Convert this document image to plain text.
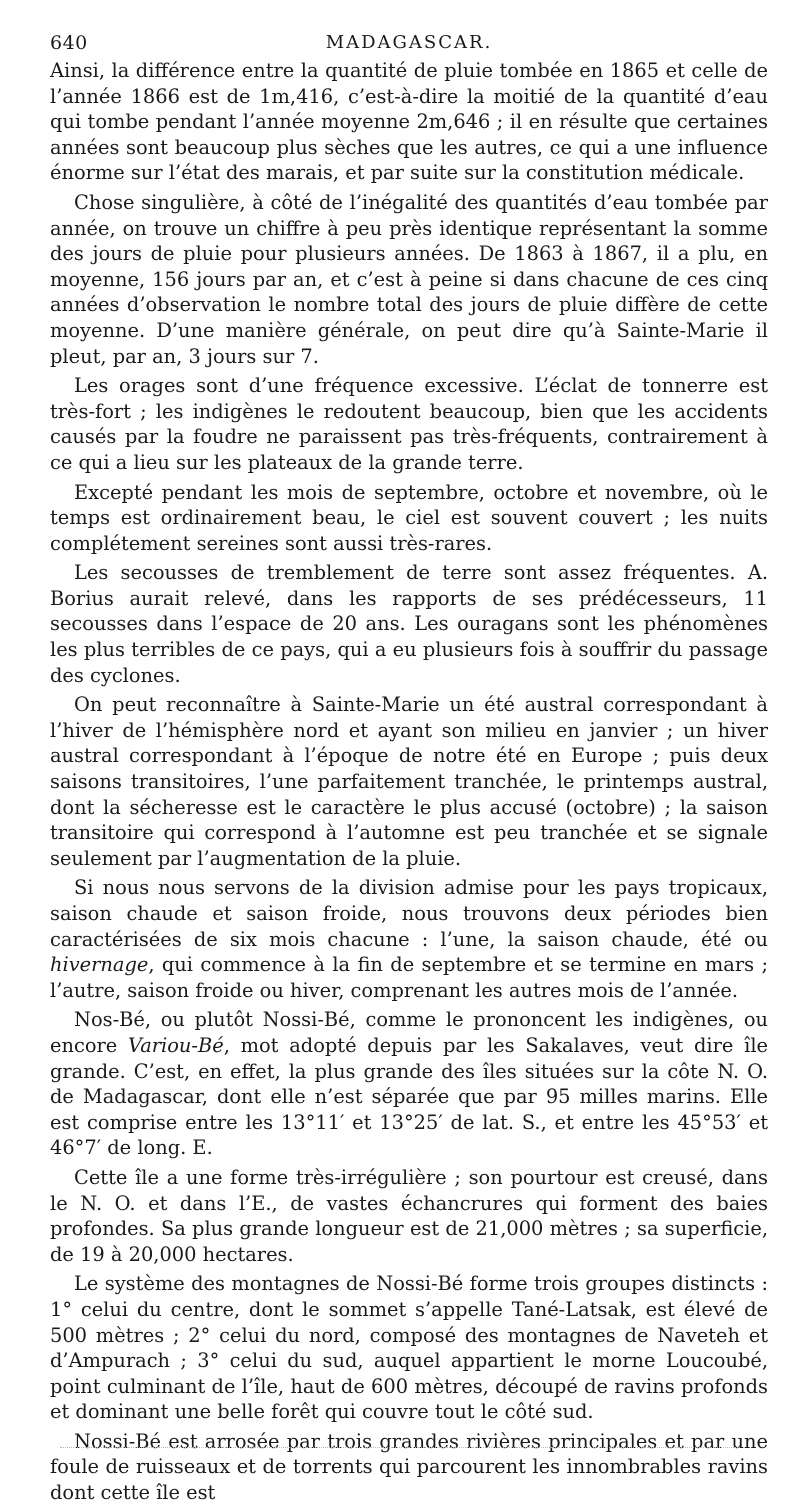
640	MADAGASCAR.

Ainsi, la différence entre la quantité de pluie tombée en 1865 et celle de l’année 1866 est de 1m,416, c’est-à-dire la moitié de la quantité d’eau qui tombe pendant l’année moyenne 2m,646 ; il en résulte que certaines années sont beaucoup plus sèches que les autres, ce qui a une influence énorme sur l’état des marais, et par suite sur la constitution médicale.

Chose singulière, à côté de l’inégalité des quantités d’eau tombée par année, on trouve un chiffre à peu près identique représentant la somme des jours de pluie pour plusieurs années. De 1863 à 1867, il a plu, en moyenne, 156 jours par an, et c’est à peine si dans chacune de ces cinq années d’observation le nombre total des jours de pluie diffère de cette moyenne. D’une manière générale, on peut dire qu’à Sainte-Marie il pleut, par an, 3 jours sur 7.

Les orages sont d’une fréquence excessive. L’éclat de tonnerre est très-fort ; les indigènes le redoutent beaucoup, bien que les accidents causés par la foudre ne paraissent pas très-fréquents, contrairement à ce qui a lieu sur les plateaux de la grande terre.

Excepté pendant les mois de septembre, octobre et novembre, où le temps est ordinairement beau, le ciel est souvent couvert ; les nuits complétement sereines sont aussi très-rares.

Les secousses de tremblement de terre sont assez fréquentes. A. Borius aurait relevé, dans les rapports de ses prédécesseurs, 11 secousses dans l’espace de 20 ans. Les ouragans sont les phénomènes les plus terribles de ce pays, qui a eu plusieurs fois à souffrir du passage des cyclones.

On peut reconnaître à Sainte-Marie un été austral correspondant à l’hiver de l’hémisphère nord et ayant son milieu en janvier ; un hiver austral correspondant à l’époque de notre été en Europe ; puis deux saisons transitoires, l’une parfaitement tranchée, le printemps austral, dont la sécheresse est le caractère le plus accusé (octobre) ; la saison transitoire qui correspond à l’automne est peu tranchée et se signale seulement par l’augmentation de la pluie.

Si nous nous servons de la division admise pour les pays tropicaux, saison chaude et saison froide, nous trouvons deux périodes bien caractérisées de six mois chacune : l’une, la saison chaude, été ou hivernage, qui commence à la fin de septembre et se termine en mars ; l’autre, saison froide ou hiver, comprenant les autres mois de l’année.

Nos-Bé, ou plutôt Nossi-Bé, comme le prononcent les indigènes, ou encore Variou-Bé, mot adopté depuis par les Sakalaves, veut dire île grande. C’est, en effet, la plus grande des îles situées sur la côte N. O. de Madagascar, dont elle n’est séparée que par 95 milles marins. Elle est comprise entre les 13°11′ et 13°25′ de lat. S., et entre les 45°53′ et 46°7′ de long. E.

Cette île a une forme très-irrégulière ; son pourtour est creusé, dans le N. O. et dans l’E., de vastes échancrures qui forment des baies profondes. Sa plus grande longueur est de 21,000 mètres ; sa superficie, de 19 à 20,000 hectares.

Le système des montagnes de Nossi-Bé forme trois groupes distincts : 1° celui du centre, dont le sommet s’appelle Tané-Latsak, est élevé de 500 mètres ; 2° celui du nord, composé des montagnes de Naveteh et d’Ampurach ; 3° celui du sud, auquel appartient le morne Loucoubé, point culminant de l’île, haut de 600 mètres, découpé de ravins profonds et dominant une belle forêt qui couvre tout le côté sud.

Nossi-Bé est arrosée par trois grandes rivières principales et par une foule de ruisseaux et de torrents qui parcourent les innombrables ravins dont cette île est
